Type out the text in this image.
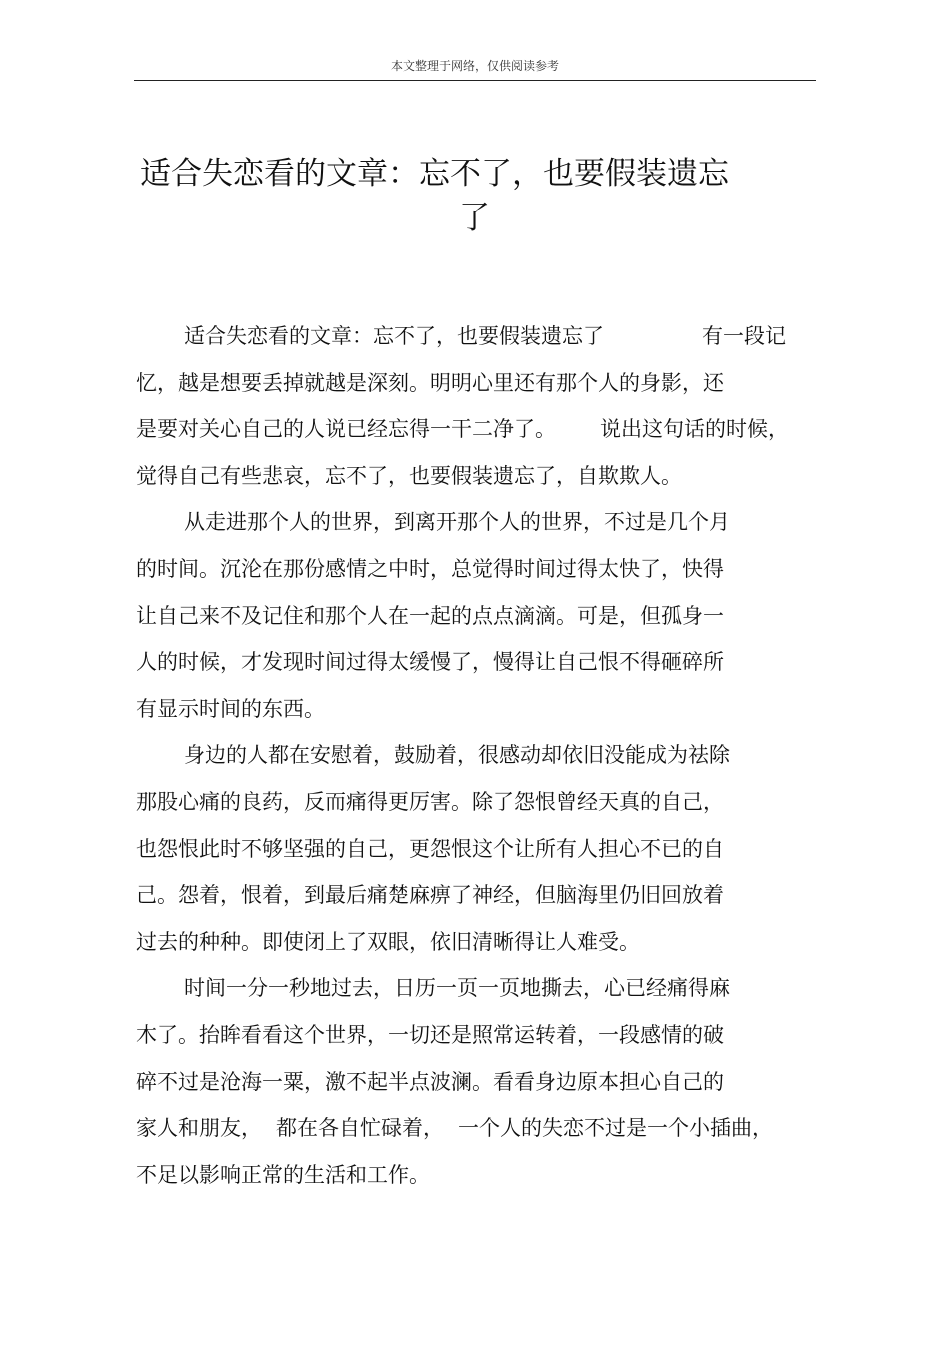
本文整理于网络，仅供阅读参考
适合失恋看的文章：忘不了，也要假装遗忘
了
适合失恋看的文章：忘不了，也要假装遗忘了	有一段记
忆，越是想要丢掉就越是深刻。明明心里还有那个人的身影，还
是要对关心自己的人说已经忘得一干二净了。 说出这句话的时候，
觉得自己有些悲哀，忘不了，也要假装遗忘了，自欺欺人。
从走进那个人的世界，到离开那个人的世界，不过是几个月
的时间。沉沦在那份感情之中时，总觉得时间过得太快了，快得
让自己来不及记住和那个人在一起的点点滴滴。可是，但孤身一
人的时候，才发现时间过得太缓慢了，慢得让自己恨不得砸碎所
有显示时间的东西。
身边的人都在安慰着，鼓励着，很感动却依旧没能成为祛除
那股心痛的良药，反而痛得更厉害。除了怨恨曾经天真的自己，
也怨恨此时不够坚强的自己，更怨恨这个让所有人担心不已的自
己。怨着，恨着，到最后痛楚麻痹了神经，但脑海里仍旧回放着
过去的种种。即使闭上了双眼，依旧清晰得让人难受。
时间一分一秒地过去，日历一页一页地撕去，心已经痛得麻
木了。抬眸看看这个世界，一切还是照常运转着，一段感情的破
碎不过是沧海一粟，激不起半点波澜。看看身边原本担心自己的
家人和朋友， 都在各自忙碌着， 一个人的失恋不过是一个小插曲，
不足以影响正常的生活和工作。
